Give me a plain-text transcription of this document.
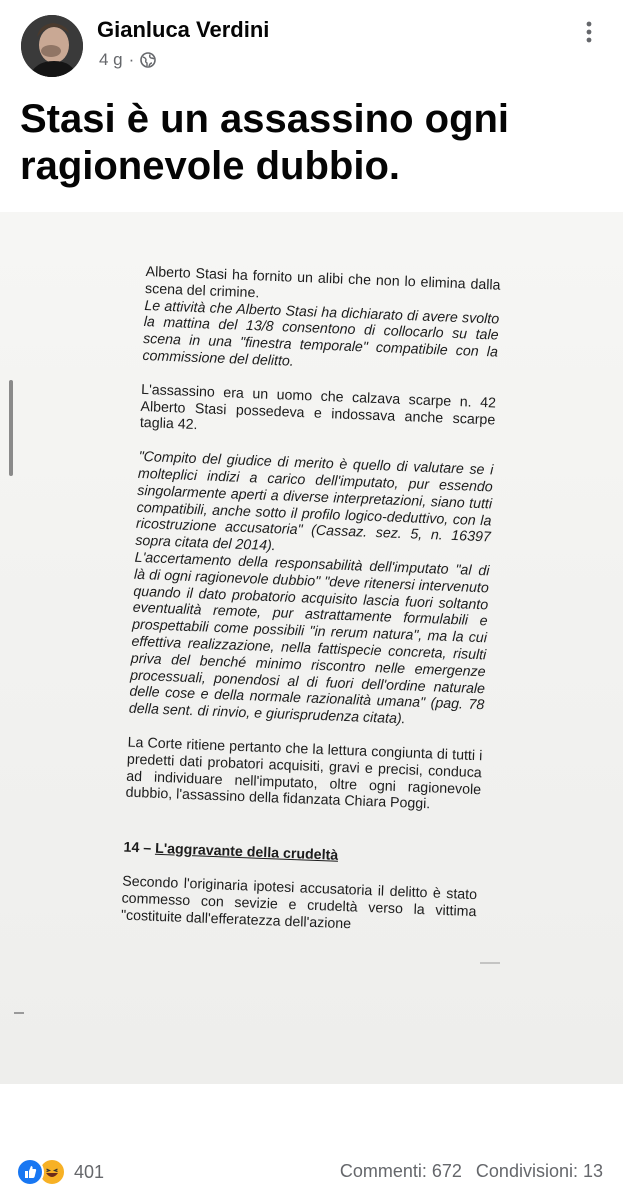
Gianluca Verdini
4 g ·
Stasi è un assassino ogni ragionevole dubbio.

Alberto Stasi ha fornito un alibi che non lo elimina dalla scena del crimine.

Le attività che Alberto Stasi ha dichiarato di avere svolto la mattina del 13/8 consentono di collocarlo su tale scena in una "finestra temporale" compatibile con la commissione del delitto.

L'assassino era un uomo che calzava scarpe n. 42 Alberto Stasi possedeva e indossava anche scarpe taglia 42.

"Compito del giudice di merito è quello di valutare se i molteplici indizi a carico dell'imputato, pur essendo singolarmente aperti a diverse interpretazioni, siano tutti compatibili, anche sotto il profilo logico-deduttivo, con la ricostruzione accusatoria" (Cassaz. sez. 5, n. 16397 sopra citata del 2014).

L'accertamento della responsabilità dell'imputato "al di là di ogni ragionevole dubbio" "deve ritenersi intervenuto quando il dato probatorio acquisito lascia fuori soltanto eventualità remote, pur astrattamente formulabili e prospettabili come possibili "in rerum natura", ma la cui effettiva realizzazione, nella fattispecie concreta, risulti priva del benché minimo riscontro nelle emergenze processuali, ponendosi al di fuori dell'ordine naturale delle cose e della normale razionalità umana" (pag. 78 della sent. di rinvio, e giurisprudenza citata).

La Corte ritiene pertanto che la lettura congiunta di tutti i predetti dati probatori acquisiti, gravi e precisi, conduca ad individuare nell'imputato, oltre ogni ragionevole dubbio, l'assassino della fidanzata Chiara Poggi.

14 – L'aggravante della crudeltà

Secondo l'originaria ipotesi accusatoria il delitto è stato commesso con sevizie e crudeltà verso la vittima "costituite dall'efferatezza dell'azione

401	Commenti: 672 Condivisioni: 13
